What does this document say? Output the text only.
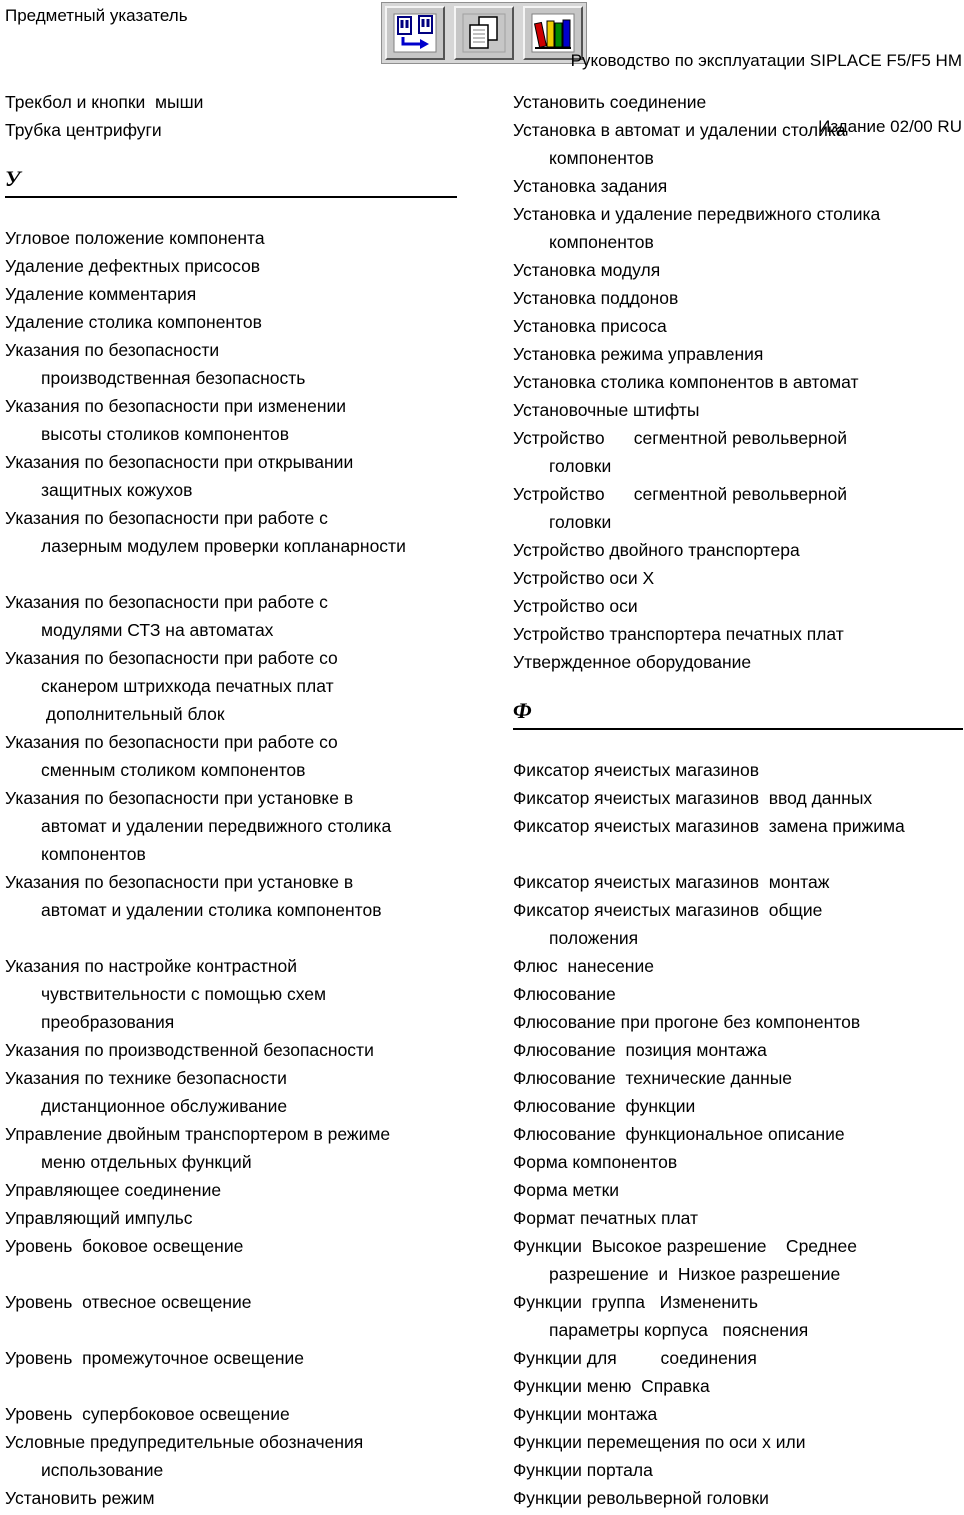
Предметный указатель

Руководство по эксплуатации SIPLACE F5/F5 HM

Издание 02/00 RU

Трекбол и кнопки  мыши
Трубка центрифуги
У
Угловое положение компонента
Удаление дефектных присосов
Удаление комментария
Удаление столика компонентов
Указания по безопасности
производственная безопасность
Указания по безопасности при изменении
высоты столиков компонентов
Указания по безопасности при открывании
защитных кожухов
Указания по безопасности при работе с
лазерным модулем проверки копланарности
Указания по безопасности при работе с
модулями СТЗ на автоматах
Указания по безопасности при работе со
сканером штрихкода печатных плат
дополнительный блок
Указания по безопасности при работе со
сменным столиком компонентов
Указания по безопасности при установке в
автомат и удалении передвижного столика
компонентов
Указания по безопасности при установке в
автомат и удалении столика компонентов
Указания по настройке контрастной
чувствительности с помощью схем
преобразования
Указания по производственной безопасности
Указания по технике безопасности
дистанционное обслуживание
Управление двойным транспортером в режиме
меню отдельных функций
Управляющее соединение
Управляющий импульс
Уровень  боковое освещение
Уровень  отвесное освещение
Уровень  промежуточное освещение
Уровень  супербоковое освещение
Условные предупредительные обозначения
использование
Установить режим
Установить соединение
Установка в автомат и удалении столика
компонентов
Установка задания
Установка и удаление передвижного столика
компонентов
Установка модуля
Установка поддонов
Установка присоса
Установка режима управления
Установка столика компонентов в автомат
Установочные штифты
Устройство      сегментной револьверной
головки
Устройство      сегментной револьверной
головки
Устройство двойного транспортера
Устройство оси X
Устройство оси
Устройство транспортера печатных плат
Утвержденное оборудование
Ф
Фиксатор ячеистых магазинов
Фиксатор ячеистых магазинов  ввод данных
Фиксатор ячеистых магазинов  замена прижима
Фиксатор ячеистых магазинов  монтаж
Фиксатор ячеистых магазинов  общие
положения
Флюс  нанесение
Флюсование
Флюсование при прогоне без компонентов
Флюсование  позиция монтажа
Флюсование  технические данные
Флюсование  функции
Флюсование  функциональное описание
Форма компонентов
Форма метки
Формат печатных плат
Функции  Высокое разрешение    Среднее
разрешение  и  Низкое разрешение
Функции  группа   Измененить
параметры корпуса   пояснения
Функции для         соединения
Функции меню  Справка
Функции монтажа
Функции перемещения по оси x или
Функции портала
Функции револьверной головки
